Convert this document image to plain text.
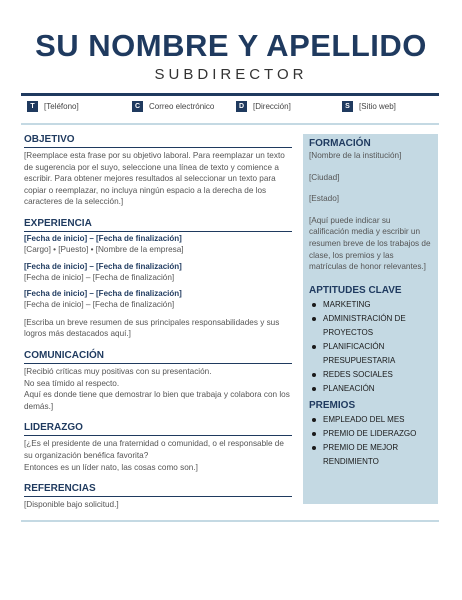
SU NOMBRE Y APELLIDO
SUBDIRECTOR
T	[Teléfono]	C	Correo electrónico	D	[Dirección]	S	[Sitio web]
OBJETIVO

[Reemplace esta frase por su objetivo laboral. Para reemplazar un texto de sugerencia por el suyo, seleccione una línea de texto y comience a escribir. Para obtener mejores resultados al seleccionar un texto para copiar o reemplazar, no incluya ningún espacio a la derecha de los caracteres de la selección.]

EXPERIENCIA

[Fecha de inicio] – [Fecha de finalización]

[Cargo] • [Puesto] • [Nombre de la empresa]

[Fecha de inicio] – [Fecha de finalización]

[Fecha de inicio] – [Fecha de finalización]

[Fecha de inicio] – [Fecha de finalización]

[Fecha de inicio] – [Fecha de finalización]

[Escriba un breve resumen de sus principales responsabilidades y sus logros más destacados aquí.]

COMUNICACIÓN

[Recibió críticas muy positivas con su presentación.

No sea tímido al respecto.

Aquí es donde tiene que demostrar lo bien que trabaja y colabora con los demás.]

LIDERAZGO

[¿Es el presidente de una fraternidad o comunidad, o el responsable de su organización benéfica favorita?

Entonces es un líder nato, las cosas como son.]

REFERENCIAS

[Disponible bajo solicitud.]

FORMACIÓN

[Nombre de la institución]

[Ciudad]

[Estado]

[Aquí puede indicar su calificación media y escribir un resumen breve de los trabajos de clase, los premios y las matrículas de honor relevantes.]

APTITUDES CLAVE
MARKETING
ADMINISTRACIÓN DE PROYECTOS
PLANIFICACIÓN PRESUPUESTARIA
REDES SOCIALES
PLANEACIÓN
PREMIOS
EMPLEADO DEL MES
PREMIO DE LIDERAZGO
PREMIO DE MEJOR RENDIMIENTO
